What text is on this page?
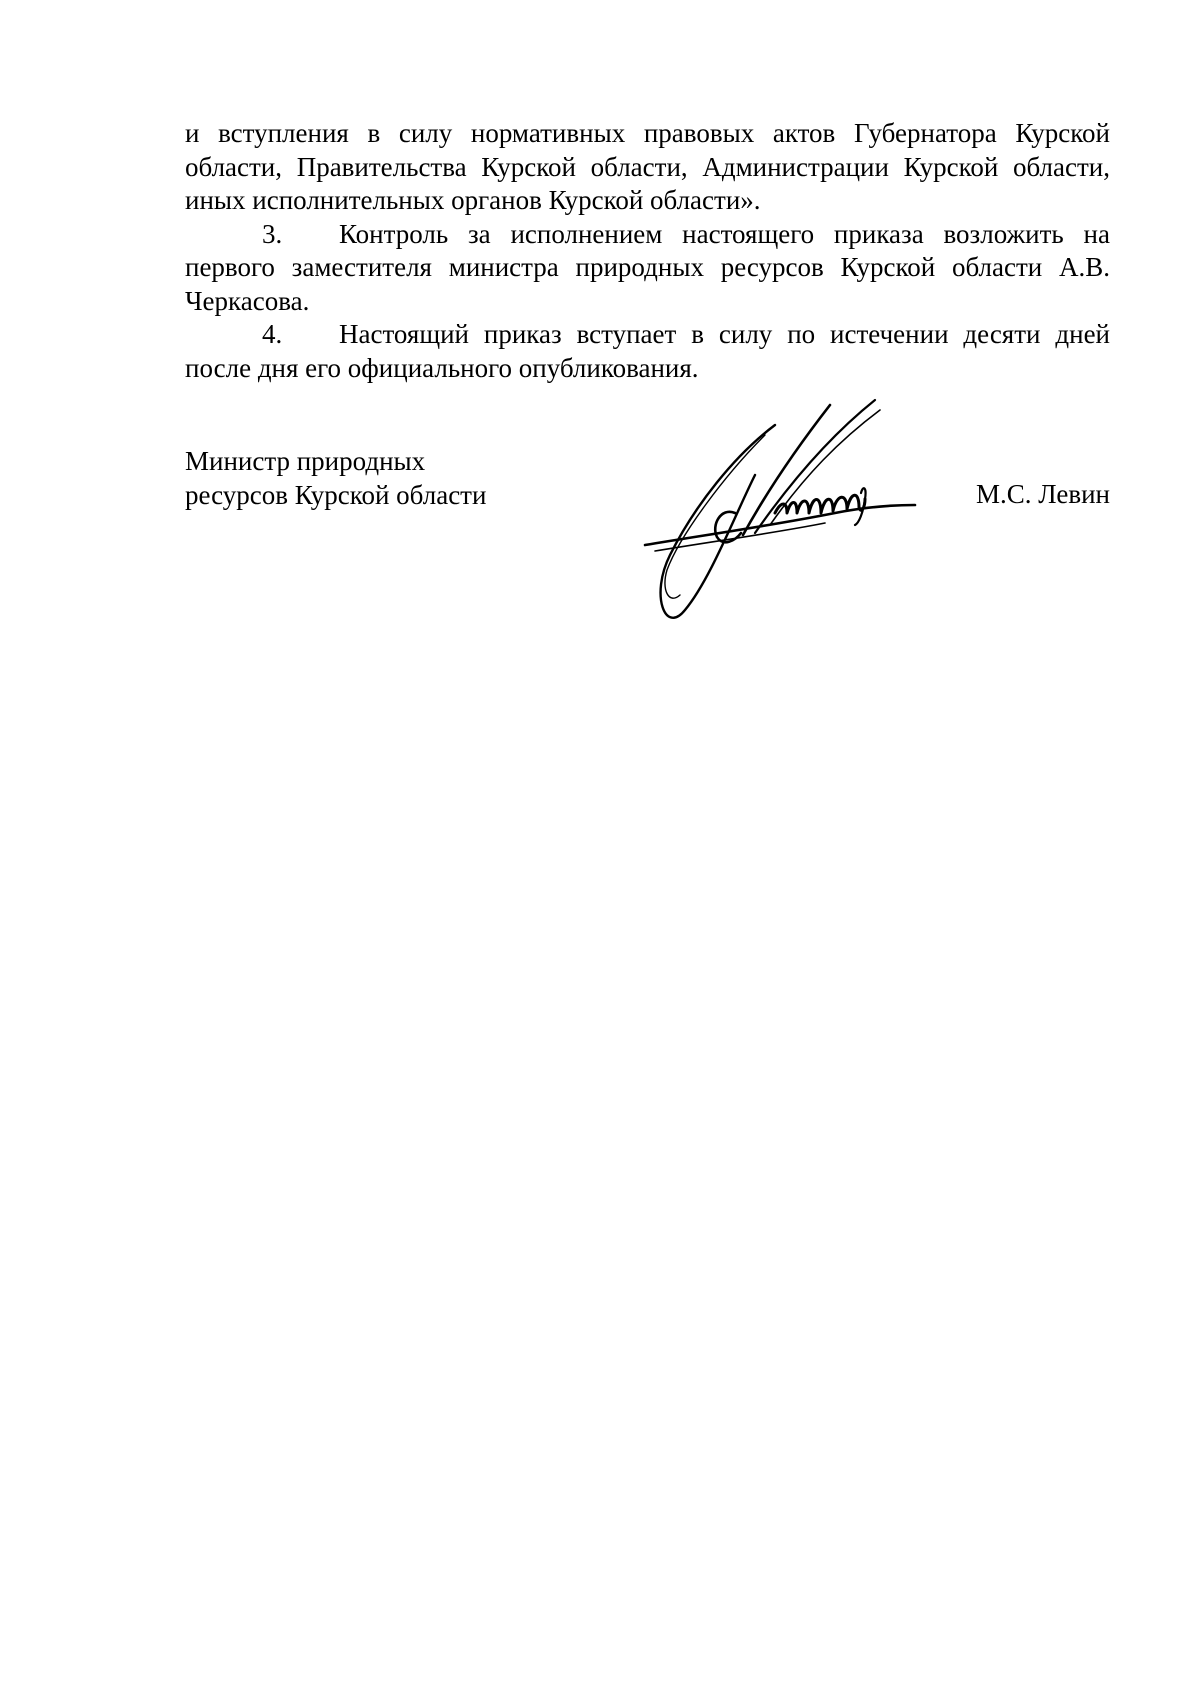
и вступления в силу нормативных правовых актов Губернатора Курской области, Правительства Курской области, Администрации Курской области, иных исполнительных органов Курской области».

3. Контроль за исполнением настоящего приказа возложить на первого заместителя министра природных ресурсов Курской области А.В. Черкасова.

4. Настоящий приказ вступает в силу по истечении десяти дней после дня его официального опубликования.

Министр природных
ресурсов Курской области	М.С. Левин
